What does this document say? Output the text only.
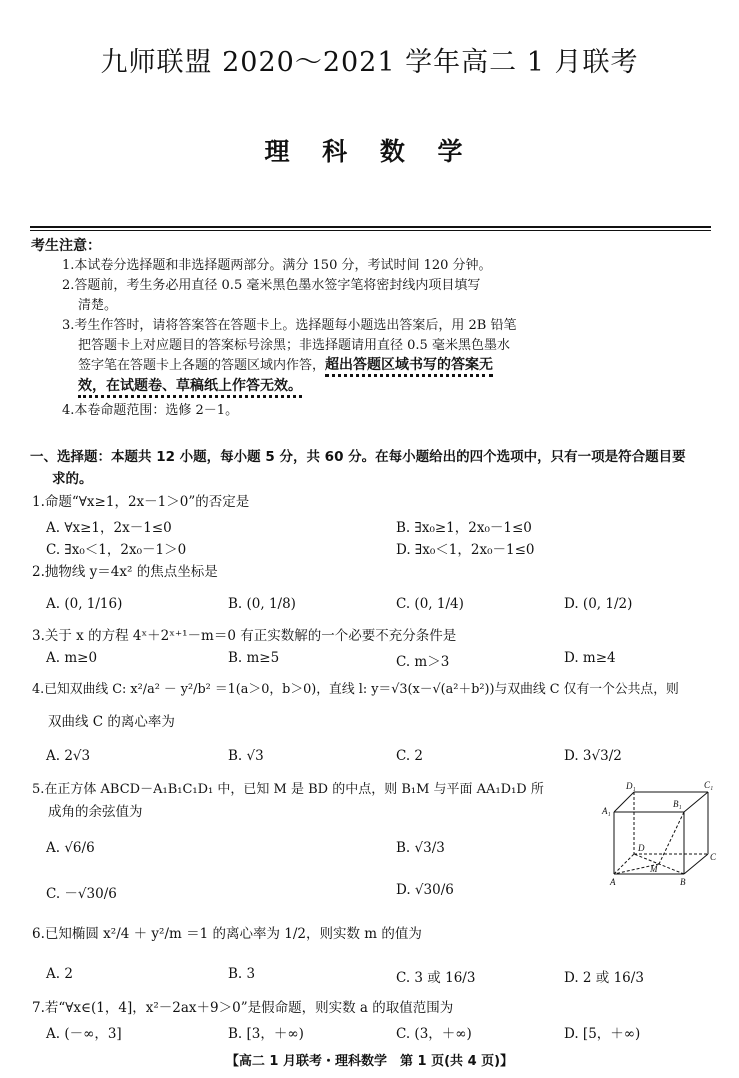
九师联盟 2020～2021 学年高二 1 月联考
理 科 数 学
考生注意：
1.本试卷分选择题和非选择题两部分。满分 150 分，考试时间 120 分钟。
2.答题前，考生务必用直径 0.5 毫米黑色墨水签字笔将密封线内项目填写
清楚。
3.考生作答时，请将答案答在答题卡上。选择题每小题选出答案后，用 2B 铅笔
把答题卡上对应题目的答案标号涂黑；非选择题请用直径 0.5 毫米黑色墨水
签字笔在答题卡上各题的答题区域内作答，超出答题区域书写的答案无
效，在试题卷、草稿纸上作答无效。
4.本卷命题范围：选修 2－1。
一、选择题：本题共 12 小题，每小题 5 分，共 60 分。在每小题给出的四个选项中，只有一项是符合题目要
求的。
1.命题“∀x≥1，2x－1＞0”的否定是
A. ∀x≥1，2x－1≤0	B. ∃x₀≥1，2x₀－1≤0
C. ∃x₀＜1，2x₀－1＞0	D. ∃x₀＜1，2x₀－1≤0
2.抛物线 y＝4x² 的焦点坐标是
A. (0, 1/16)	B. (0, 1/8)	C. (0, 1/4)	D. (0, 1/2)
3.关于 x 的方程 4ˣ＋2ˣ⁺¹－m＝0 有正实数解的一个必要不充分条件是
A. m≥0	B. m≥5	C. m＞3	D. m≥4
4.已知双曲线 C: x²/a² － y²/b² ＝1(a＞0，b＞0)，直线 l: y＝√3(x－√(a²＋b²))与双曲线 C 仅有一个公共点，则
双曲线 C 的离心率为
A. 2√3	B. √3	C. 2	D. 3√3/2
5.在正方体 ABCD－A₁B₁C₁D₁ 中，已知 M 是 BD 的中点，则 B₁M 与平面 AA₁D₁D 所
成角的余弦值为
A. √6/6	B. √3/3
C. －√30/6	D. √30/6
D₁	C₁
A₁
B₁
D
C
A
M
B
6.已知椭圆 x²/4 ＋ y²/m ＝1 的离心率为 1/2，则实数 m 的值为
A. 2	B. 3	C. 3 或 16/3	D. 2 或 16/3
7.若“∀x∈(1，4]，x²－2ax＋9＞0”是假命题，则实数 a 的取值范围为
A. (－∞，3]	B. [3，＋∞)	C. (3，＋∞)	D. [5，＋∞)
【高二 1 月联考・理科数学　第 1 页(共 4 页)】
